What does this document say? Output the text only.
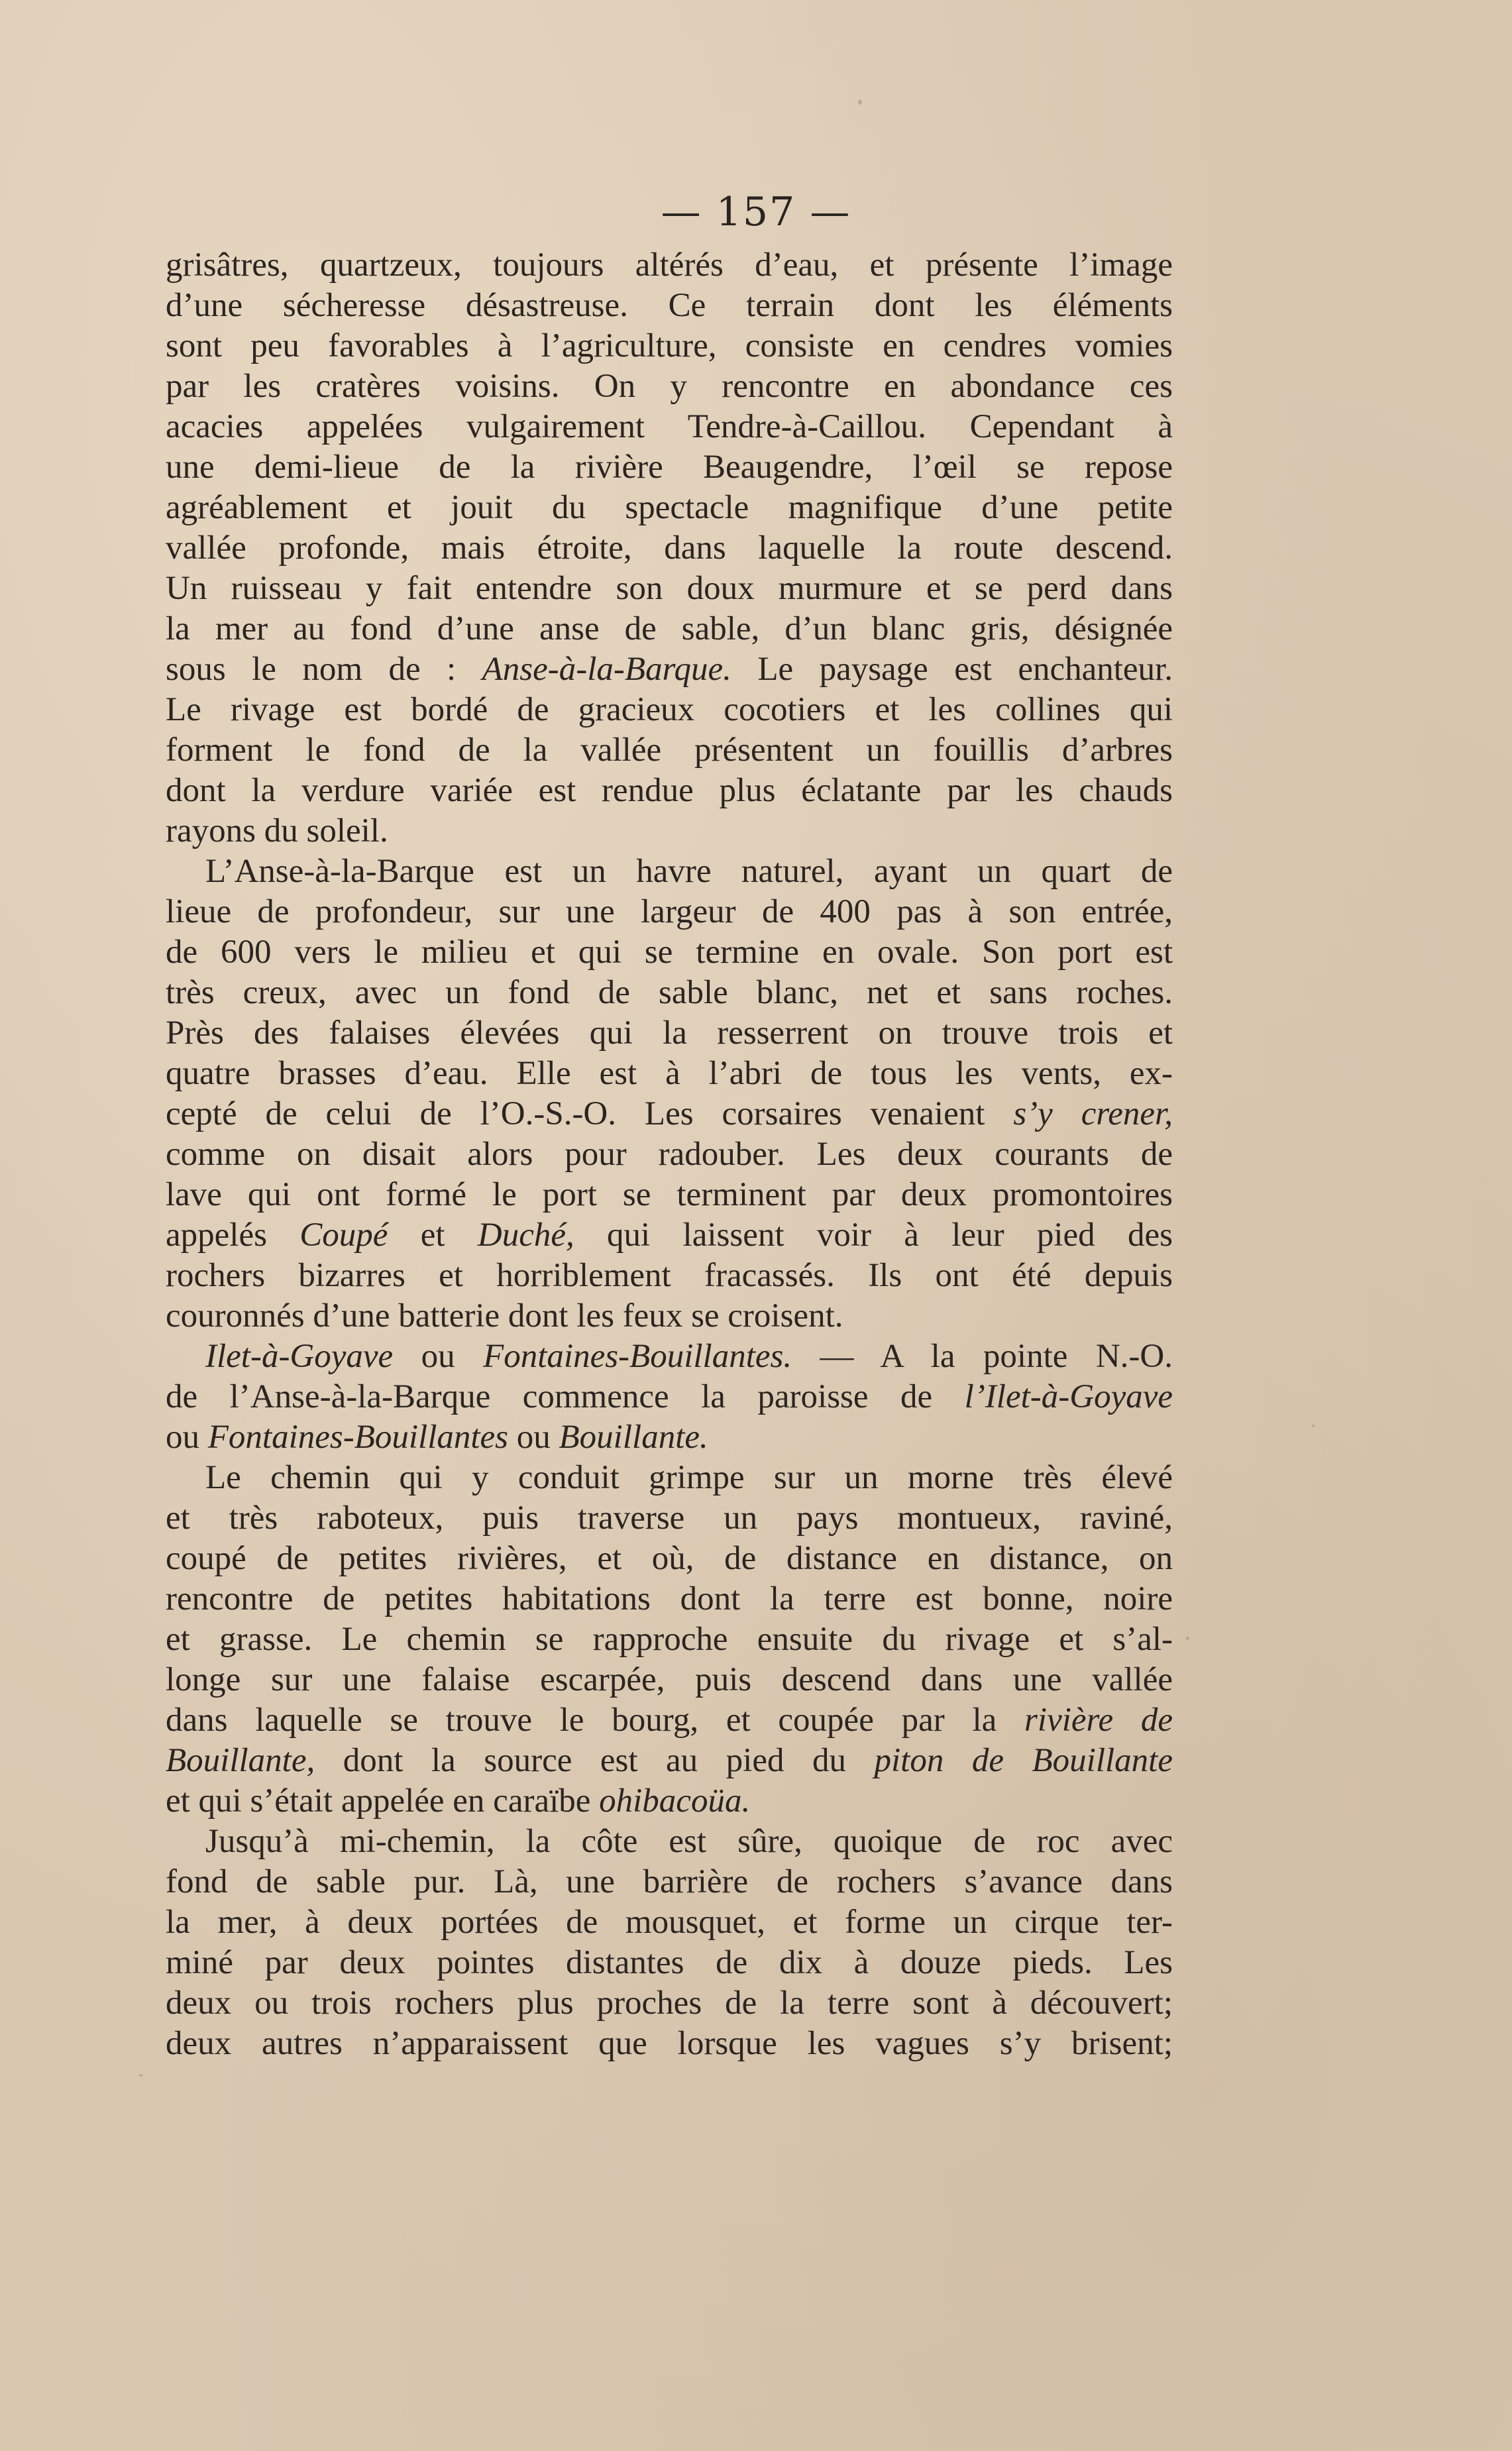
— 157 —
grisâtres, quartzeux, toujours altérés d’eau, et présente l’image
d’une sécheresse désastreuse. Ce terrain dont les éléments
sont peu favorables à l’agriculture, consiste en cendres vomies
par les cratères voisins. On y rencontre en abondance ces
acacies appelées vulgairement Tendre-à-Caillou. Cependant à
une demi-lieue de la rivière Beaugendre, l’œil se repose
agréablement et jouit du spectacle magnifique d’une petite
vallée profonde, mais étroite, dans laquelle la route descend.
Un ruisseau y fait entendre son doux murmure et se perd dans
la mer au fond d’une anse de sable, d’un blanc gris, désignée
sous le nom de : Anse-à-la-Barque. Le paysage est enchanteur.
Le rivage est bordé de gracieux cocotiers et les collines qui
forment le fond de la vallée présentent un fouillis d’arbres
dont la verdure variée est rendue plus éclatante par les chauds
rayons du soleil.
L’Anse-à-la-Barque est un havre naturel, ayant un quart de
lieue de profondeur, sur une largeur de 400 pas à son entrée,
de 600 vers le milieu et qui se termine en ovale. Son port est
très creux, avec un fond de sable blanc, net et sans roches.
Près des falaises élevées qui la resserrent on trouve trois et
quatre brasses d’eau. Elle est à l’abri de tous les vents, ex-
cepté de celui de l’O.-S.-O. Les corsaires venaient s’y crener,
comme on disait alors pour radouber. Les deux courants de
lave qui ont formé le port se terminent par deux promontoires
appelés Coupé et Duché, qui laissent voir à leur pied des
rochers bizarres et horriblement fracassés. Ils ont été depuis
couronnés d’une batterie dont les feux se croisent.
Ilet-à-Goyave ou Fontaines-Bouillantes. — A la pointe N.-O.
de l’Anse-à-la-Barque commence la paroisse de l’Ilet-à-Goyave
ou Fontaines-Bouillantes ou Bouillante.
Le chemin qui y conduit grimpe sur un morne très élevé
et très raboteux, puis traverse un pays montueux, raviné,
coupé de petites rivières, et où, de distance en distance, on
rencontre de petites habitations dont la terre est bonne, noire
et grasse. Le chemin se rapproche ensuite du rivage et s’al-
longe sur une falaise escarpée, puis descend dans une vallée
dans laquelle se trouve le bourg, et coupée par la rivière de
Bouillante, dont la source est au pied du piton de Bouillante
et qui s’était appelée en caraïbe ohibacoüa.
Jusqu’à mi-chemin, la côte est sûre, quoique de roc avec
fond de sable pur. Là, une barrière de rochers s’avance dans
la mer, à deux portées de mousquet, et forme un cirque ter-
miné par deux pointes distantes de dix à douze pieds. Les
deux ou trois rochers plus proches de la terre sont à découvert;
deux autres n’apparaissent que lorsque les vagues s’y brisent;
